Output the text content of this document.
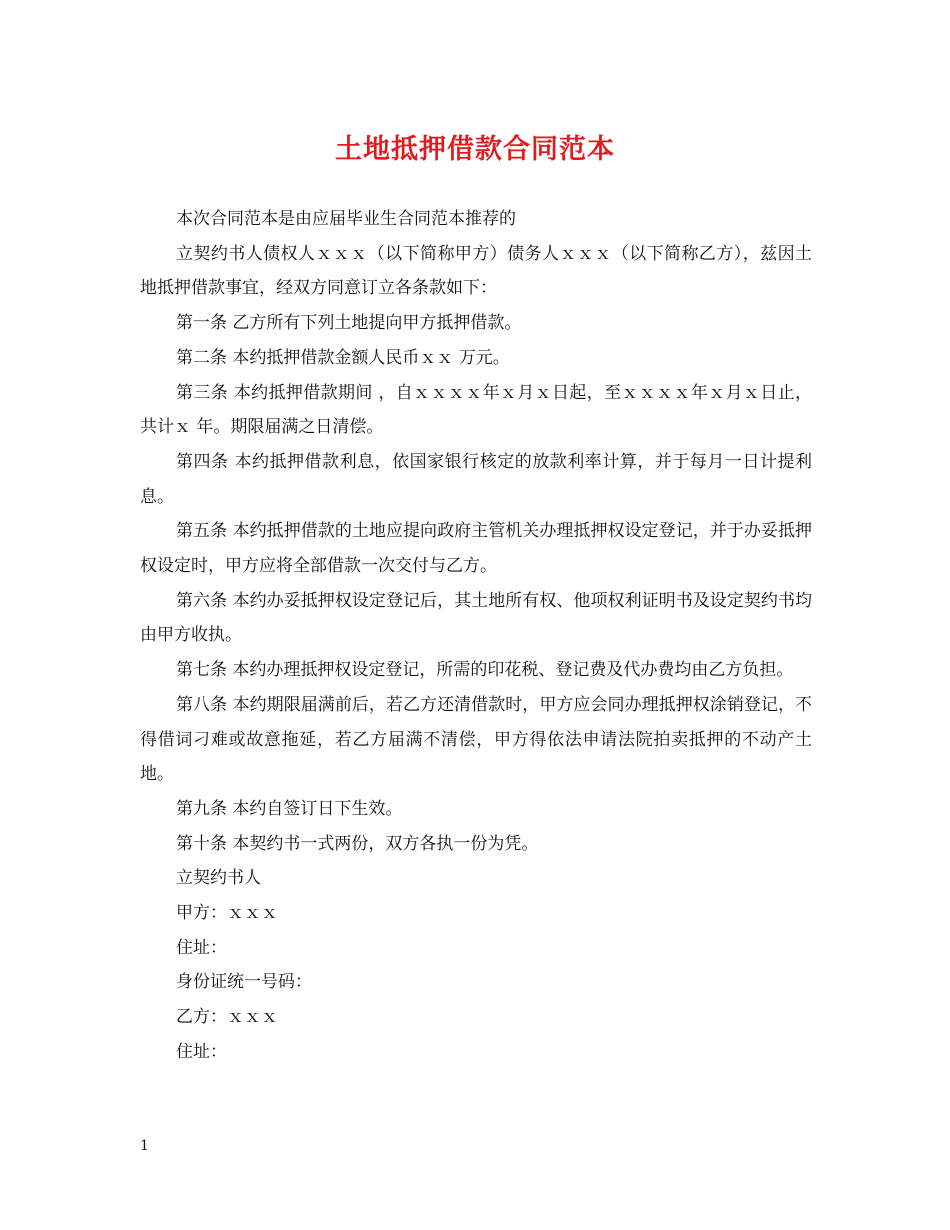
土地抵押借款合同范本

本次合同范本是由应届毕业生合同范本推荐的

立契约书人债权人ｘｘｘ（以下简称甲方）债务人ｘｘｘ（以下简称乙方），兹因土地抵押借款事宜，经双方同意订立各条款如下：

第一条 乙方所有下列土地提向甲方抵押借款。

第二条 本约抵押借款金额人民币ｘｘ 万元。

第三条 本约抵押借款期间 ，自ｘｘｘｘ年ｘ月ｘ日起，至ｘｘｘｘ年ｘ月ｘ日止，共计ｘ 年。期限届满之日清偿。

第四条 本约抵押借款利息，依国家银行核定的放款利率计算，并于每月一日计提利息。

第五条 本约抵押借款的土地应提向政府主管机关办理抵押权设定登记，并于办妥抵押权设定时，甲方应将全部借款一次交付与乙方。

第六条 本约办妥抵押权设定登记后，其土地所有权、他项权利证明书及设定契约书均由甲方收执。

第七条 本约办理抵押权设定登记，所需的印花税、登记费及代办费均由乙方负担。

第八条 本约期限届满前后，若乙方还清借款时，甲方应会同办理抵押权涂销登记，不得借词刁难或故意拖延，若乙方届满不清偿，甲方得依法申请法院拍卖抵押的不动产土地。

第九条 本约自签订日下生效。

第十条 本契约书一式两份，双方各执一份为凭。

立契约书人

甲方：ｘｘｘ

住址：

身份证统一号码：

乙方：ｘｘｘ

住址：

1
